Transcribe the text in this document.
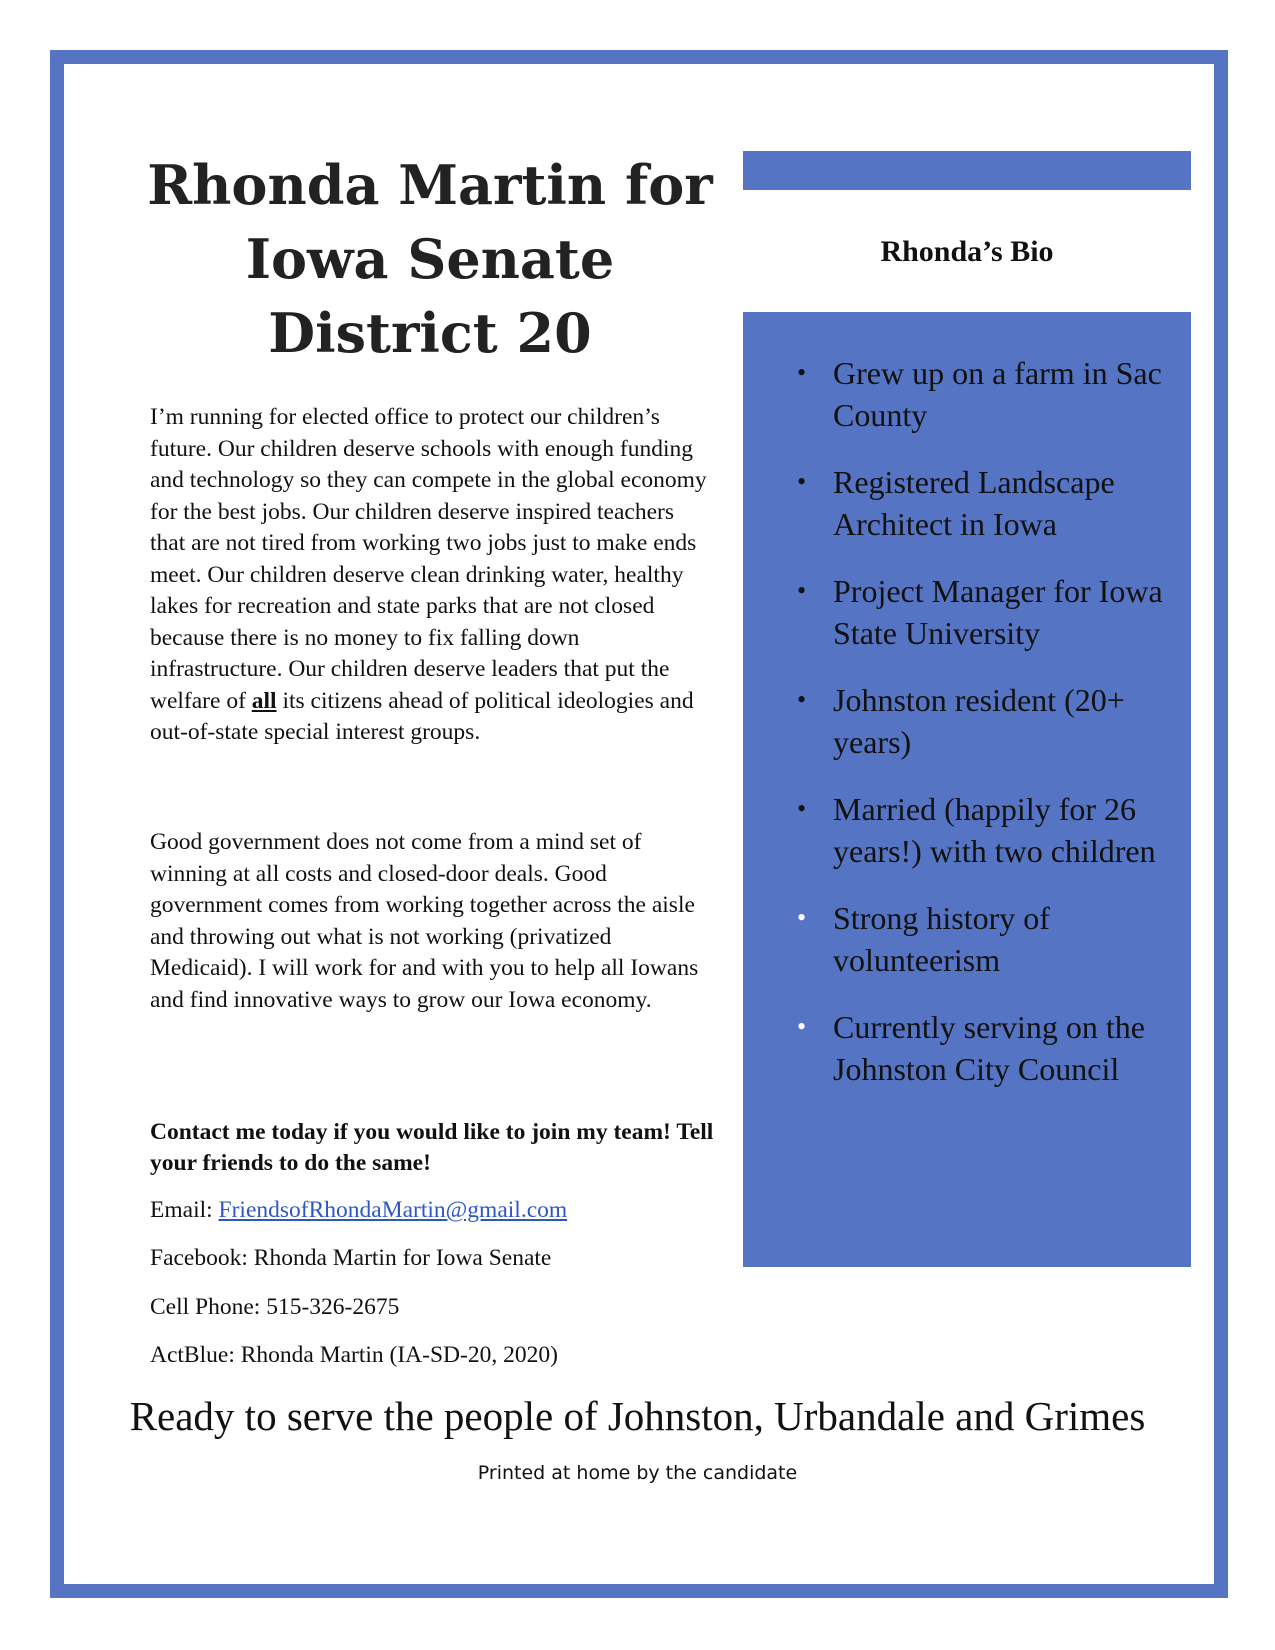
Rhonda Martin for
Iowa Senate
District 20
I’m running for elected office to protect our children’s future. Our children deserve schools with enough funding and technology so they can compete in the global economy for the best jobs. Our children deserve inspired teachers that are not tired from working two jobs just to make ends meet. Our children deserve clean drinking water, healthy lakes for recreation and state parks that are not closed because there is no money to fix falling down infrastructure. Our children deserve leaders that put the welfare of all its citizens ahead of political ideologies and out-of-state special interest groups.
Good government does not come from a mind set of winning at all costs and closed-door deals. Good government comes from working together across the aisle and throwing out what is not working (privatized Medicaid). I will work for and with you to help all Iowans and find innovative ways to grow our Iowa economy.
Contact me today if you would like to join my team! Tell your friends to do the same!
Email: FriendsofRhondaMartin@gmail.com
Facebook: Rhonda Martin for Iowa Senate
Cell Phone: 515-326-2675
ActBlue: Rhonda Martin (IA-SD-20, 2020)
Rhonda’s Bio
• Grew up on a farm in Sac County
• Registered Landscape Architect in Iowa
• Project Manager for Iowa State University
• Johnston resident (20+ years)
• Married (happily for 26 years!) with two children
• Strong history of volunteerism
• Currently serving on the Johnston City Council
Ready to serve the people of Johnston, Urbandale and Grimes
Printed at home by the candidate
